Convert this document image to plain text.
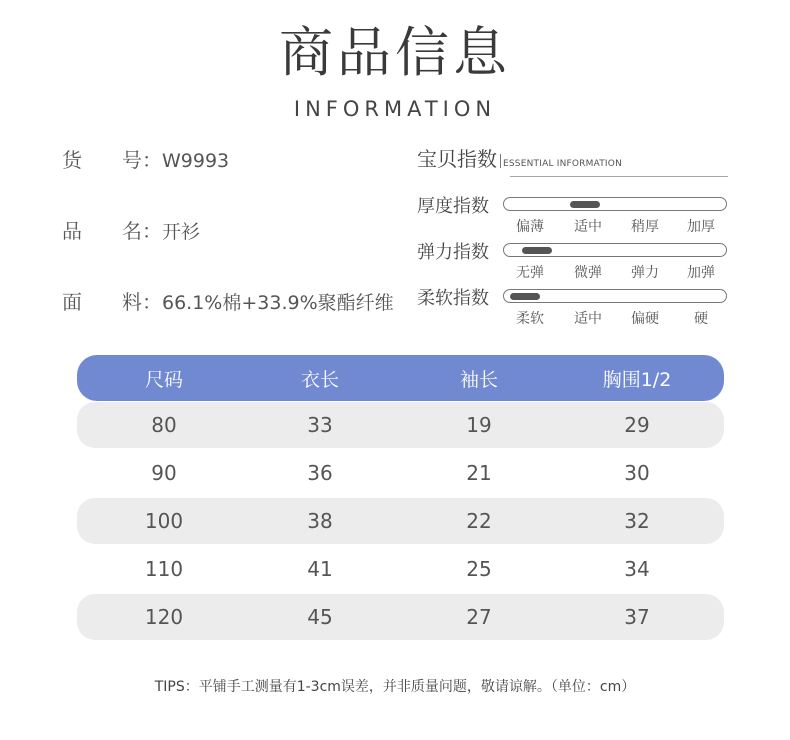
商品信息
INFORMATION
货 号：W9993
品 名：开衫
面 料：66.1%棉+33.9%聚酯纤维
宝贝指数 ESSENTIAL INFORMATION
厚度指数
偏薄	适中	稍厚	加厚
弹力指数
无弹	微弹	弹力	加弹
柔软指数
柔软	适中	偏硬	硬
尺码	衣长	袖长	胸围1/2
80	33	19	29
90	36	21	30
100	38	22	32
110	41	25	34
120	45	27	37
TIPS：平铺手工测量有1-3cm误差，并非质量问题，敬请谅解。（单位：cm）
